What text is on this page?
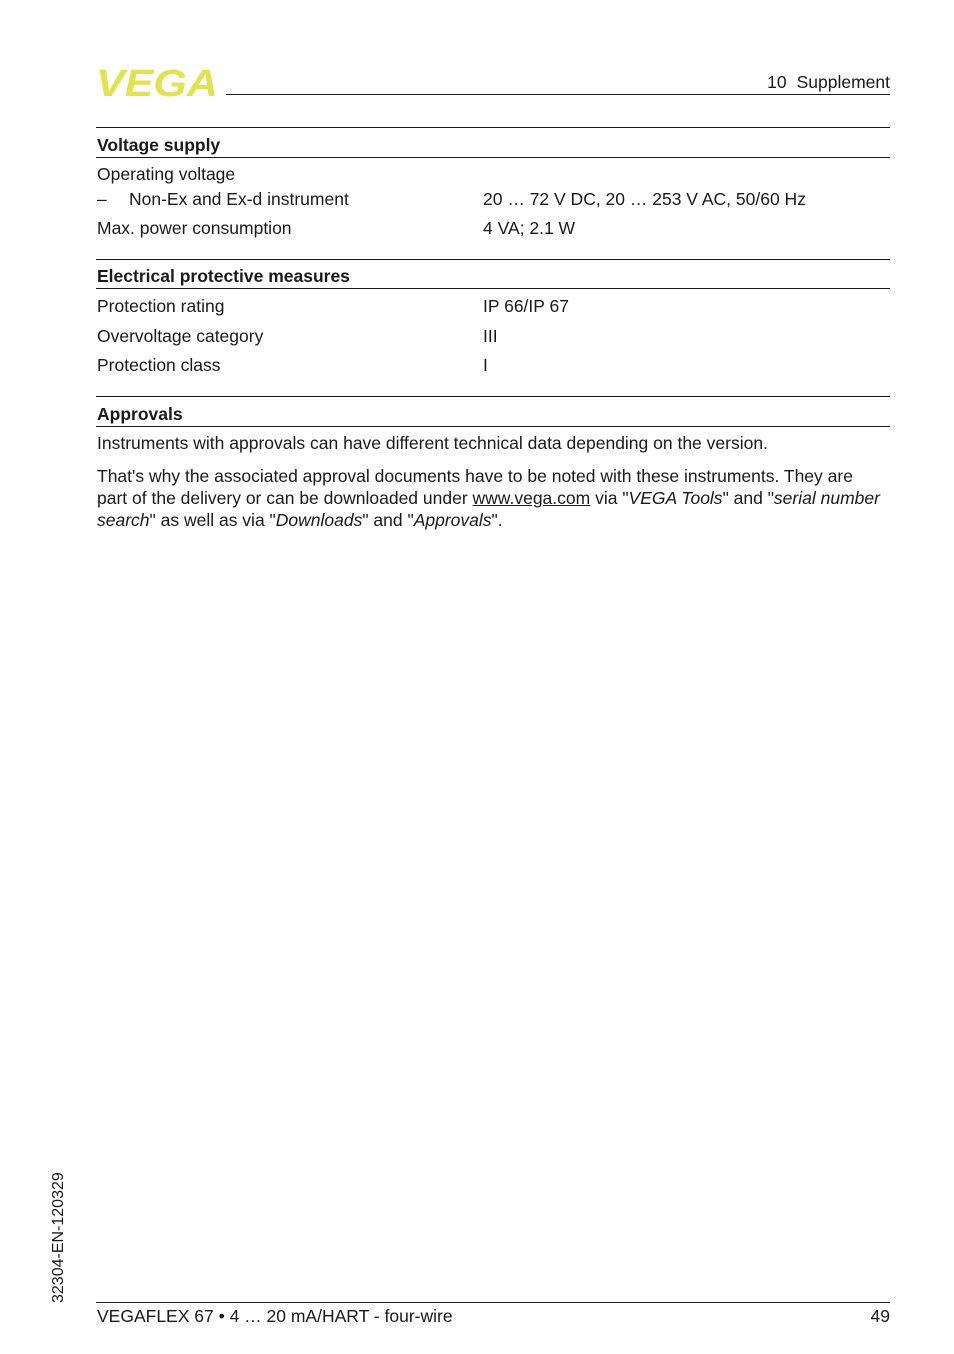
VEGA	10 Supplement
Voltage supply
Operating voltage
– Non-Ex and Ex-d instrument	20 … 72 V DC, 20 … 253 V AC, 50/60 Hz
Max. power consumption	4 VA; 2.1 W
Electrical protective measures
Protection rating	IP 66/IP 67
Overvoltage category	III
Protection class	I
Approvals
Instruments with approvals can have different technical data depending on the version.
That's why the associated approval documents have to be noted with these instruments. They are part of the delivery or can be downloaded under www.vega.com via "VEGA Tools" and "serial number search" as well as via "Downloads" and "Approvals".
32304-EN-120329
VEGAFLEX 67 • 4 … 20 mA/HART - four-wire	49
